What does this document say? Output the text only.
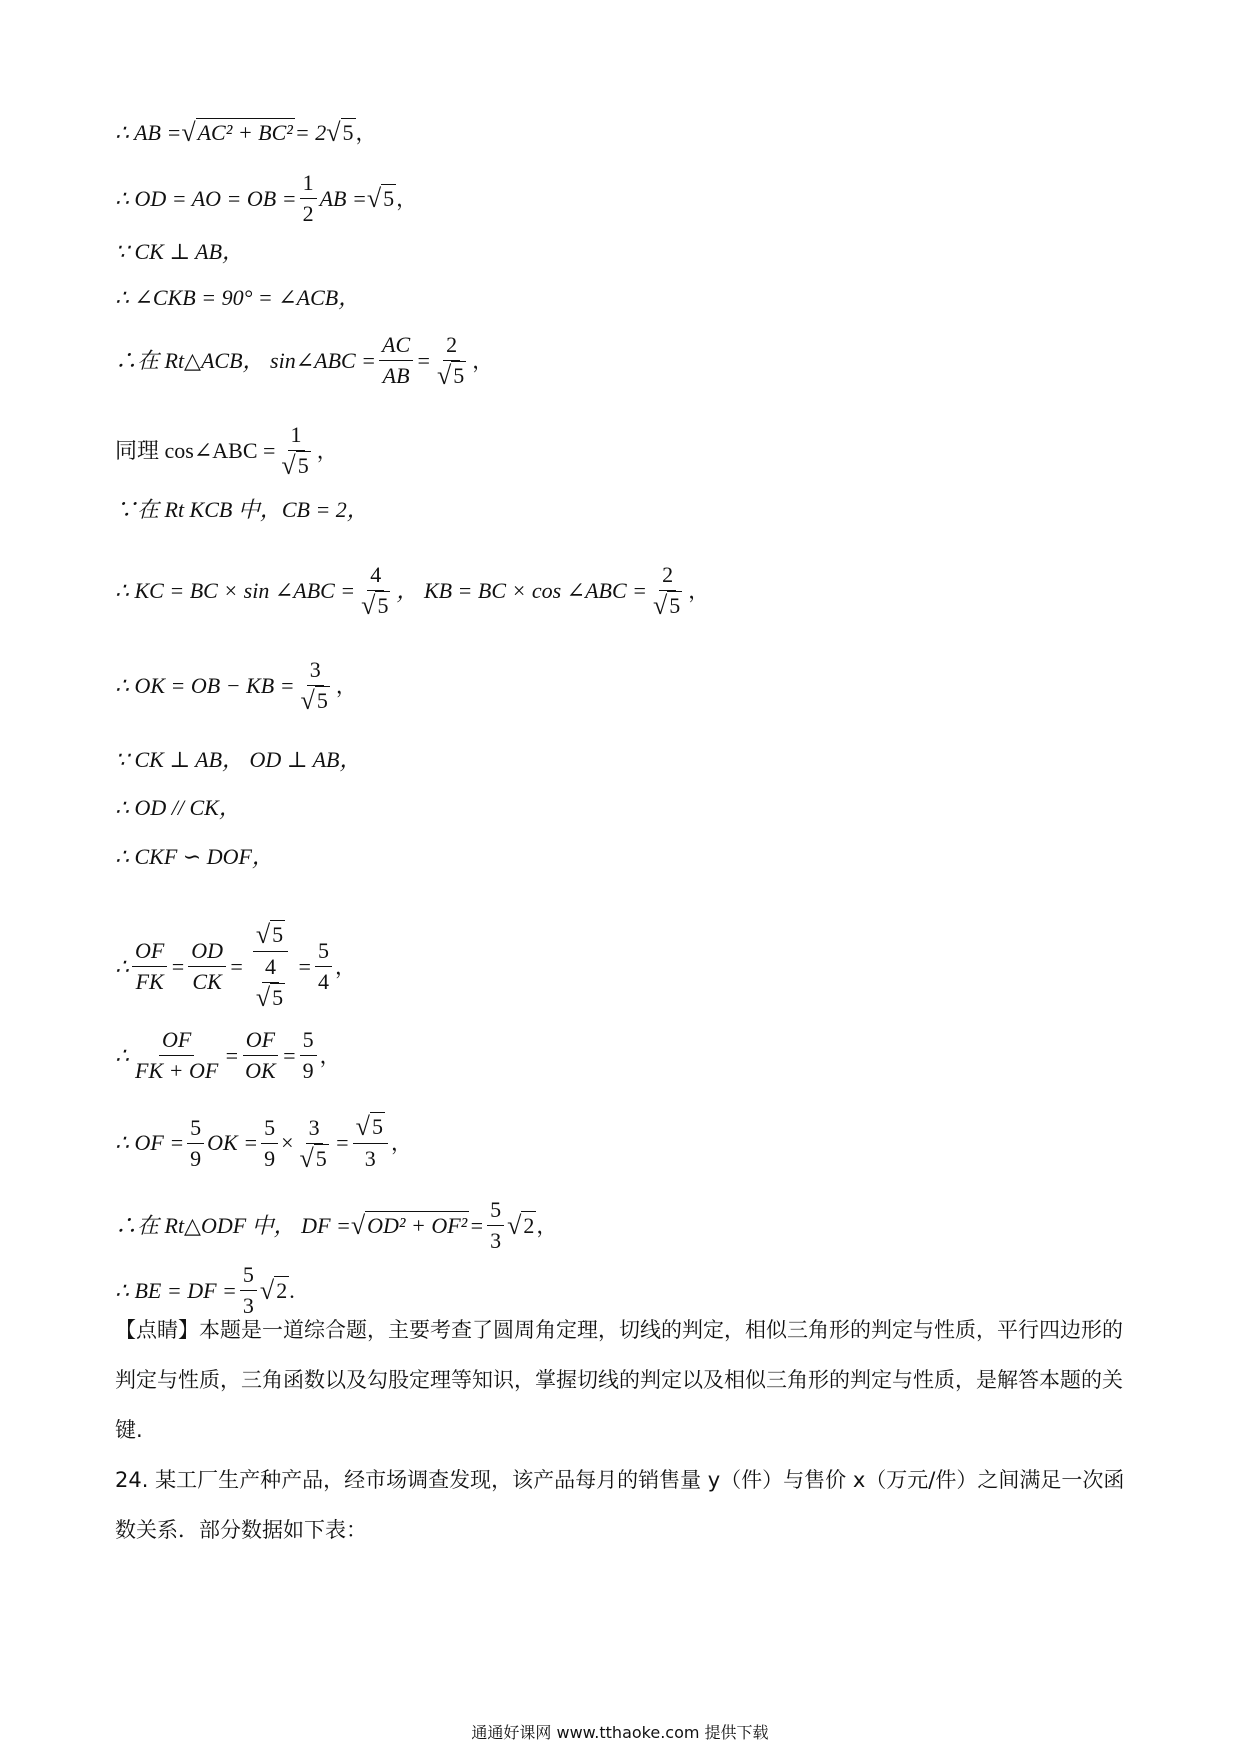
∴ AB = √ AC² + BC² = 2 √ 5 ，
∴ OD = AO = OB = $\frac{1}{2}$ AB = √ 5 ，
∵ CK ⊥ AB，
∴ ∠CKB = 90° = ∠ACB，
∴在 Rt△ACB， sin∠ABC = $\frac{AC}{AB} = \frac{2}{√ 5}$ ，
同理 cos∠ABC = $\frac{1}{√ 5}$ ，
∵在 Rt KCB 中，CB = 2，
∴ KC = BC × sin ∠ABC = $\frac{4}{√ 5}$ ， KB = BC × cos ∠ABC = $\frac{2}{√ 5}$ ，
∴ OK = OB − KB = $\frac{3}{√ 5}$ ，
∵ CK ⊥ AB， OD ⊥ AB，
∴ OD // CK，
∴ CKF ∽ DOF，
∴ $\frac{OF}{FK} = \frac{OD}{CK} = \frac{√ 5}{\frac{4}{√ 5}} = \frac{5}{4}$ ，
∴ $\frac{OF}{FK + OF} = \frac{OF}{OK} = \frac{5}{9}$ ，
∴ OF = $\frac{5}{9}$ OK = $\frac{5}{9} \times \frac{3}{√ 5} = \frac{√ 5}{3}$ ，
∴在 Rt△ODF 中， DF = √ $OD^2 + OF^2 = \frac{5}{3}$ √ 2 ，
∴ BE = DF = $\frac{5}{3}$ √ 2 .
【点睛】本题是一道综合题，主要考查了圆周角定理，切线的判定，相似三角形的判定与性质，平行四边形的判定与性质，三角函数以及勾股定理等知识，掌握切线的判定以及相似三角形的判定与性质，是解答本题的关键.
24. 某工厂生产种产品，经市场调查发现，该产品每月的销售量 y（件）与售价 x（万元/件）之间满足一次函数关系．部分数据如下表：
通通好课网 www.tthaoke.com 提供下载
